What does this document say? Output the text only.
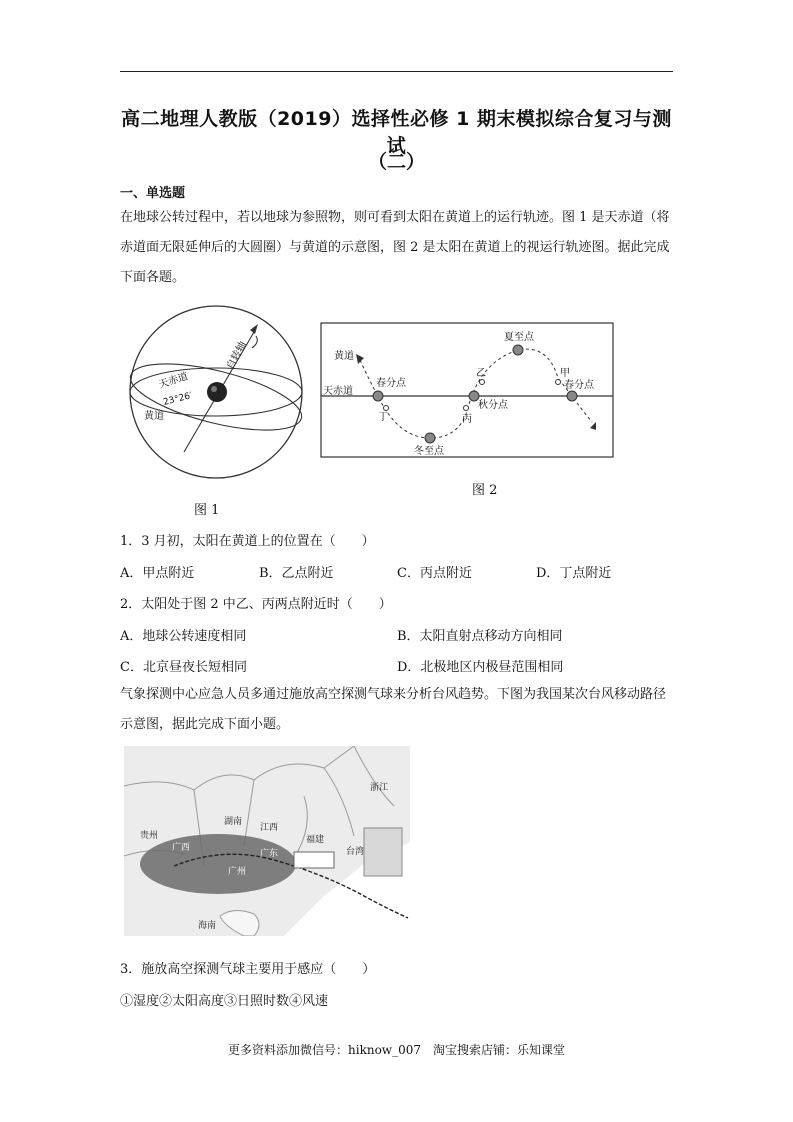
高二地理人教版（2019）选择性必修 1 期末模拟综合复习与测试
（二）
一、单选题
在地球公转过程中，若以地球为参照物，则可看到太阳在黄道上的运行轨迹。图 1 是天赤道（将赤道面无限延伸后的大圆圈）与黄道的示意图，图 2 是太阳在黄道上的视运行轨迹图。据此完成下面各题。
天赤道
23°26′
黄道
自转轴
图 1
黄道
天赤道
春分点
丁
冬至点
丙
秋分点
乙
夏至点
甲
春分点
图 2
1．3 月初，太阳在黄道上的位置在（　　）
A．甲点附近	B．乙点附近	C．丙点附近	D．丁点附近
2．太阳处于图 2 中乙、丙两点附近时（　　）
A．地球公转速度相同	B．太阳直射点移动方向相同
C．北京昼夜长短相同	D．北极地区内极昼范围相同
气象探测中心应急人员多通过施放高空探测气球来分析台风趋势。下图为我国某次台风移动路径示意图，据此完成下面小题。
浙江
贵州
湖南
江西
福建
广西
广东
广州
台湾
海南
3．施放高空探测气球主要用于感应（　　）
①湿度②太阳高度③日照时数④风速
更多资料添加微信号：hiknow_007　淘宝搜索店铺：乐知课堂
